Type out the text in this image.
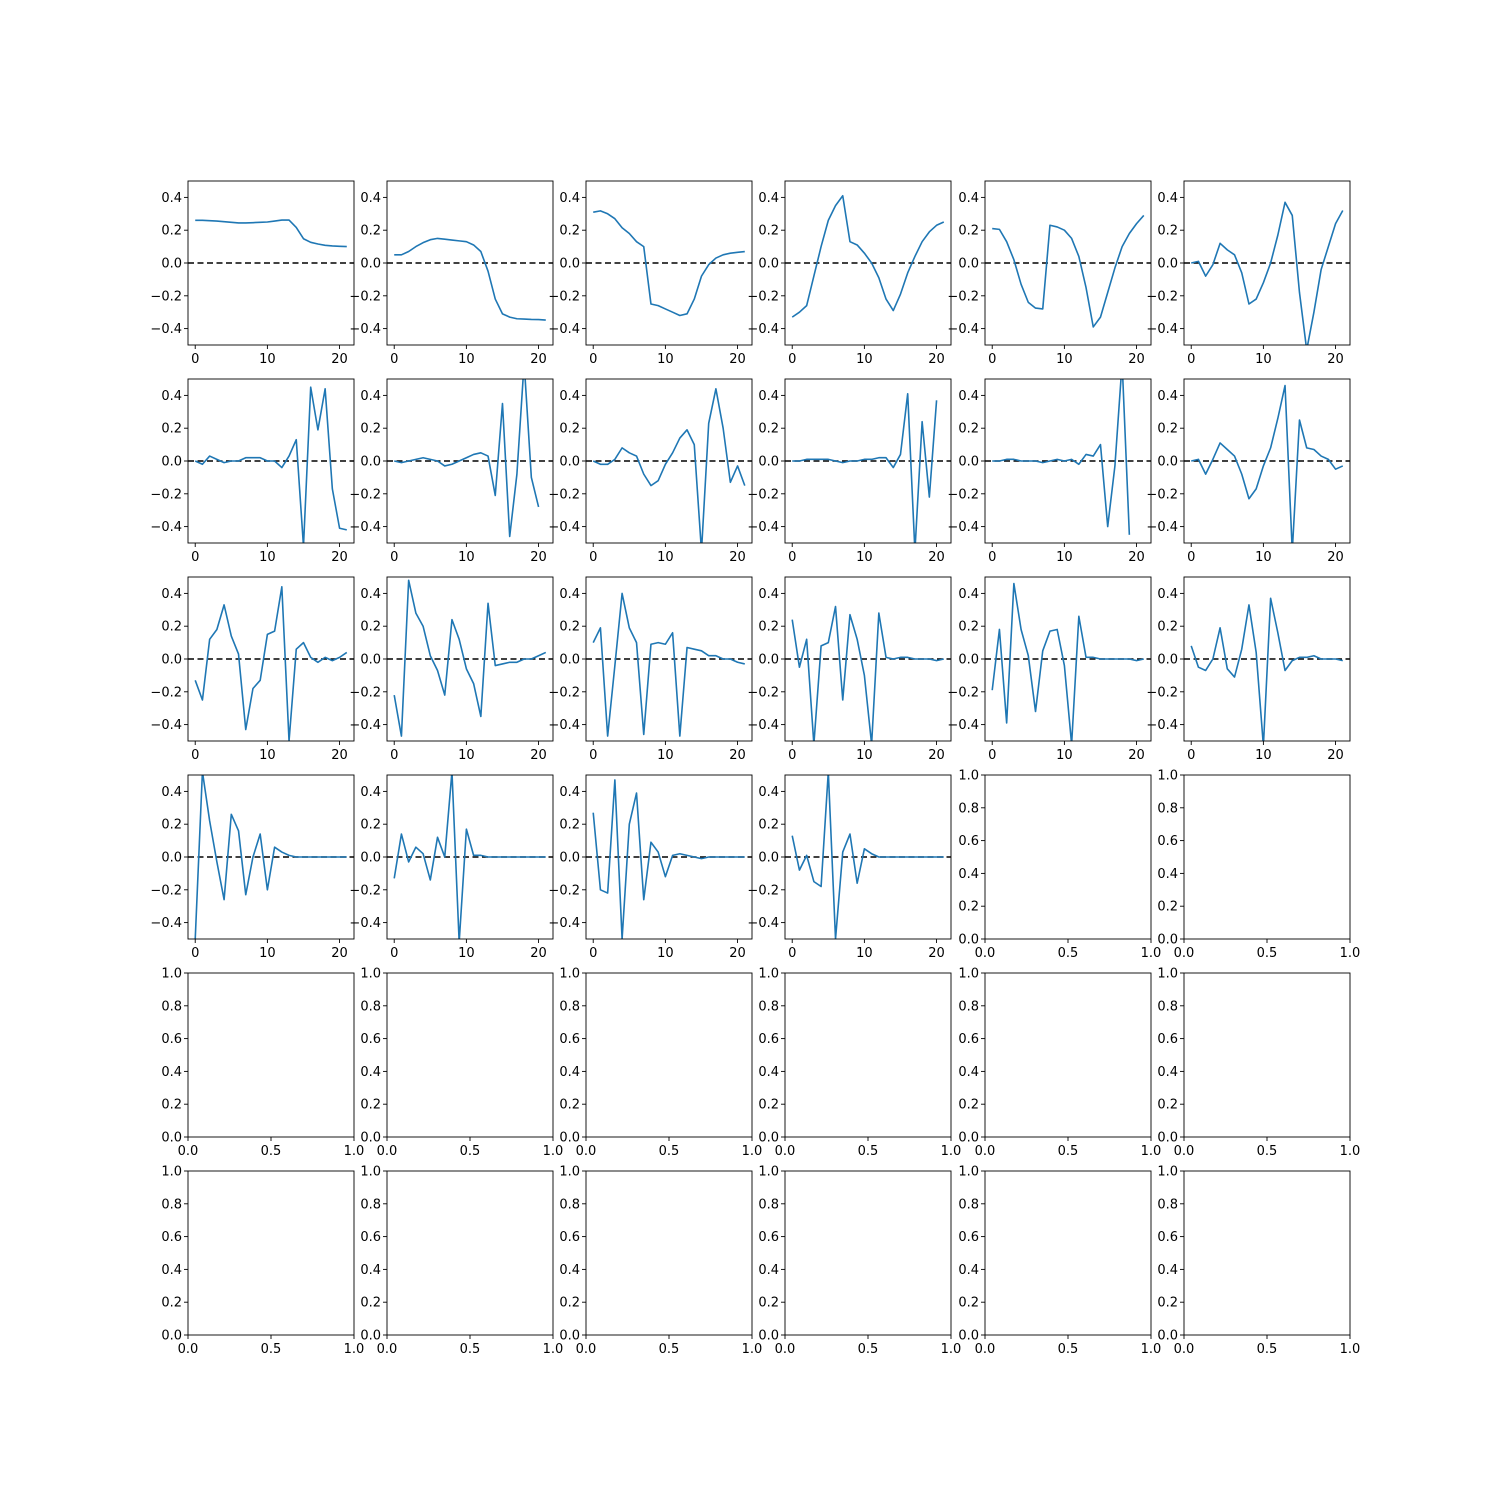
0	10	20
−0.4
−0.2
0.0
0.2
0.4
0	10	20
−0.4
−0.2
0.0
0.2
0.4
0	10	20
−0.4
−0.2
0.0
0.2
0.4
0	10	20
−0.4
−0.2
0.0
0.2
0.4
0	10	20
−0.4
−0.2
0.0
0.2
0.4
0	10	20
−0.4
−0.2
0.0
0.2
0.4
0	10	20
−0.4
−0.2
0.0
0.2
0.4
0	10	20
−0.4
−0.2
0.0
0.2
0.4
0	10	20
−0.4
−0.2
0.0
0.2
0.4
0	10	20
−0.4
−0.2
0.0
0.2
0.4
0	10	20
−0.4
−0.2
0.0
0.2
0.4
0	10	20
−0.4
−0.2
0.0
0.2
0.4
0	10	20
−0.4
−0.2
0.0
0.2
0.4
0	10	20
−0.4
−0.2
0.0
0.2
0.4
0	10	20
−0.4
−0.2
0.0
0.2
0.4
0	10	20
−0.4
−0.2
0.0
0.2
0.4
0	10	20
−0.4
−0.2
0.0
0.2
0.4
0	10	20
−0.4
−0.2
0.0
0.2
0.4
0	10	20
−0.4
−0.2
0.0
0.2
0.4
0	10	20
−0.4
−0.2
0.0
0.2
0.4
0	10	20
−0.4
−0.2
0.0
0.2
0.4
0	10	20
−0.4
−0.2
0.0
0.2
0.4
0.0	0.5	1.0
0.0
0.2
0.4
0.6
0.8
1.0
0.0	0.5	1.0
0.0
0.2
0.4
0.6
0.8
1.0
0.0	0.5	1.0
0.0
0.2
0.4
0.6
0.8
1.0
0.0	0.5	1.0
0.0
0.2
0.4
0.6
0.8
1.0
0.0	0.5	1.0
0.0
0.2
0.4
0.6
0.8
1.0
0.0	0.5	1.0
0.0
0.2
0.4
0.6
0.8
1.0
0.0	0.5	1.0
0.0
0.2
0.4
0.6
0.8
1.0
0.0	0.5	1.0
0.0
0.2
0.4
0.6
0.8
1.0
0.0	0.5	1.0
0.0
0.2
0.4
0.6
0.8
1.0
0.0	0.5	1.0
0.0
0.2
0.4
0.6
0.8
1.0
0.0	0.5	1.0
0.0
0.2
0.4
0.6
0.8
1.0
0.0	0.5	1.0
0.0
0.2
0.4
0.6
0.8
1.0
0.0	0.5	1.0
0.0
0.2
0.4
0.6
0.8
1.0
0.0	0.5	1.0
0.0
0.2
0.4
0.6
0.8
1.0
